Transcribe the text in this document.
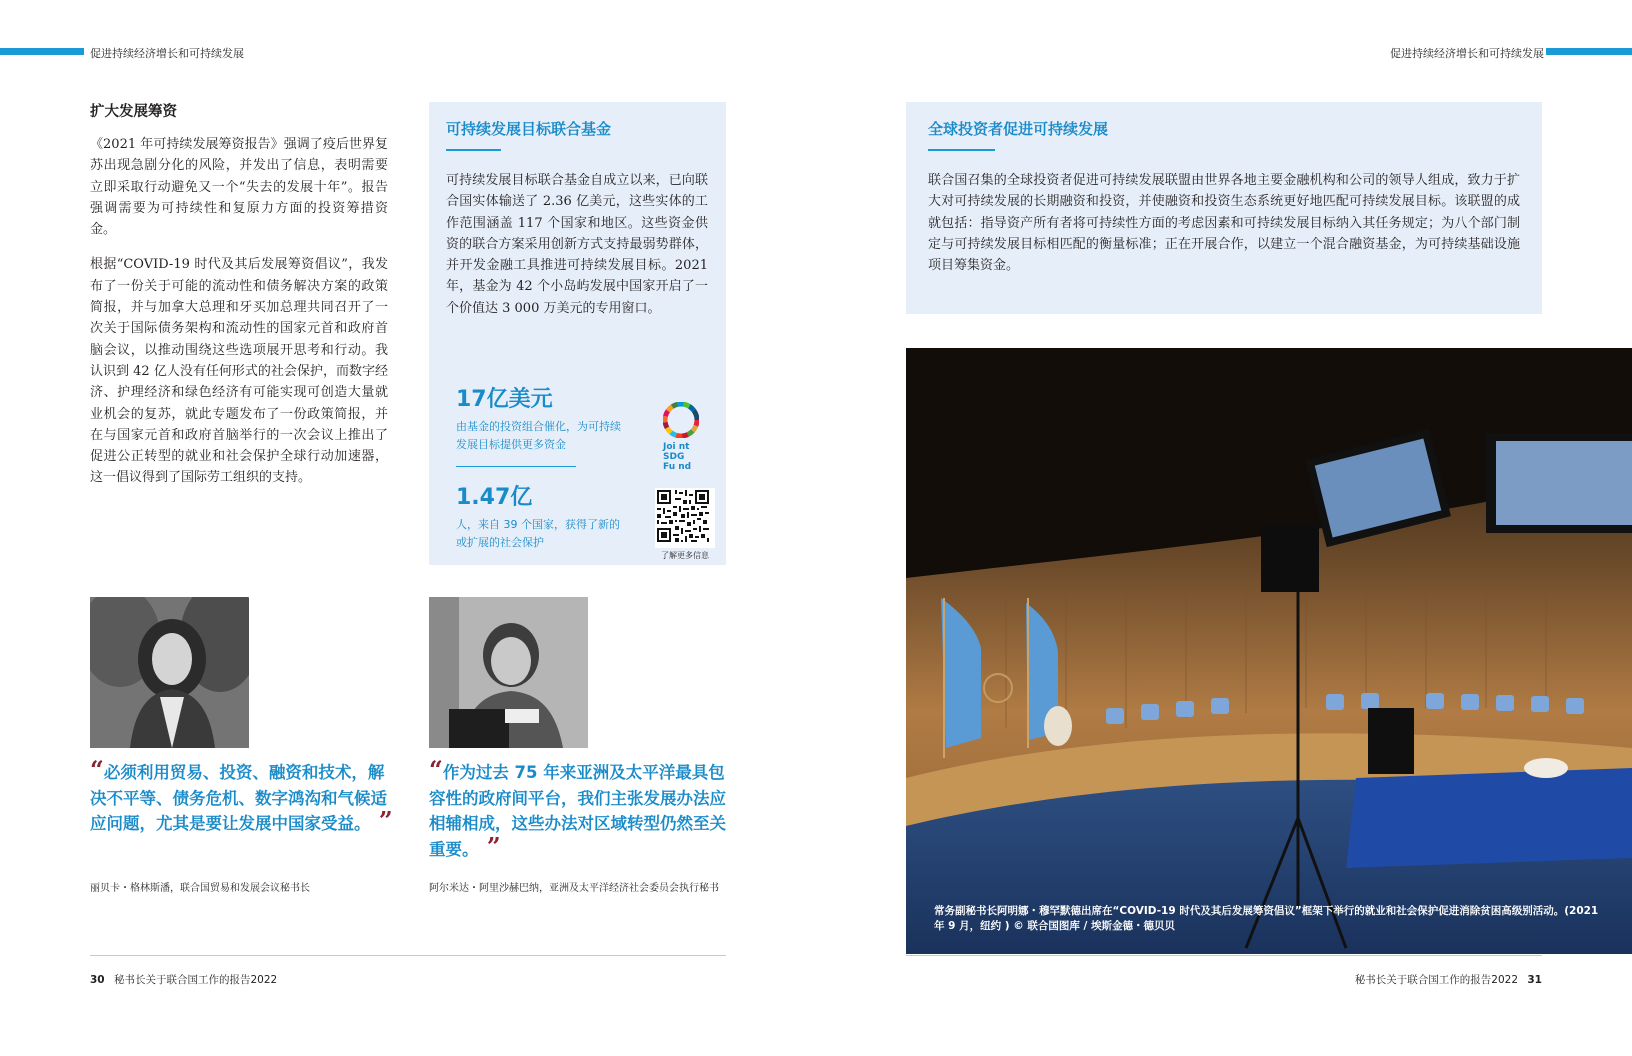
促进持续经济增长和可持续发展	促进持续经济增长和可持续发展
扩大发展筹资

《2021 年可持续发展筹资报告》强调了疫后世界复苏出现急剧分化的风险，并发出了信息，表明需要立即采取行动避免又一个“失去的发展十年”。报告强调需要为可持续性和复原力方面的投资筹措资金。

根据“COVID-19 时代及其后发展筹资倡议”，我发布了一份关于可能的流动性和债务解决方案的政策简报，并与加拿大总理和牙买加总理共同召开了一次关于国际债务架构和流动性的国家元首和政府首脑会议，以推动围绕这些选项展开思考和行动。我认识到 42 亿人没有任何形式的社会保护，而数字经济、护理经济和绿色经济有可能实现可创造大量就业机会的复苏，就此专题发布了一份政策简报，并在与国家元首和政府首脑举行的一次会议上推出了促进公正转型的就业和社会保护全球行动加速器，这一倡议得到了国际劳工组织的支持。

可持续发展目标联合基金
可持续发展目标联合基金自成立以来，已向联合国实体输送了 2.36 亿美元，这些实体的工作范围涵盖 117 个国家和地区。这些资金供资的联合方案采用创新方式支持最弱势群体，并开发金融工具推进可持续发展目标。2021 年，基金为 42 个小岛屿发展中国家开启了一个价值达 3 000 万美元的专用窗口。
17亿美元
由基金的投资组合催化，为可持续发展目标提供更多资金
1.47亿
人，来自 39 个国家，获得了新的或扩展的社会保护
Joi nt
SDG
Fu nd
了解更多信息
“必须利用贸易、投资、融资和技术，解决不平等、债务危机、数字鸿沟和气候适应问题，尤其是要让发展中国家受益。 ”
丽贝卡・格林斯潘，联合国贸易和发展会议秘书长
“作为过去 75 年来亚洲及太平洋最具包容性的政府间平台，我们主张发展办法应相辅相成，这些办法对区域转型仍然至关重要。 ”
阿尔米达・阿里沙赫巴纳，亚洲及太平洋经济社会委员会执行秘书
全球投资者促进可持续发展
联合国召集的全球投资者促进可持续发展联盟由世界各地主要金融机构和公司的领导人组成，致力于扩大对可持续发展的长期融资和投资，并使融资和投资生态系统更好地匹配可持续发展目标。该联盟的成就包括：指导资产所有者将可持续性方面的考虑因素和可持续发展目标纳入其任务规定；为八个部门制定与可持续发展目标相匹配的衡量标准；正在开展合作，以建立一个混合融资基金，为可持续基础设施项目筹集资金。
常务副秘书长阿明娜・穆罕默德出席在“COVID-19 时代及其后发展筹资倡议”框架下举行的就业和社会保护促进消除贫困高级别活动。(2021 年 9 月，纽约 ) © 联合国图库 / 埃斯金德・德贝贝
30 秘书长关于联合国工作的报告2022	秘书长关于联合国工作的报告2022 31
